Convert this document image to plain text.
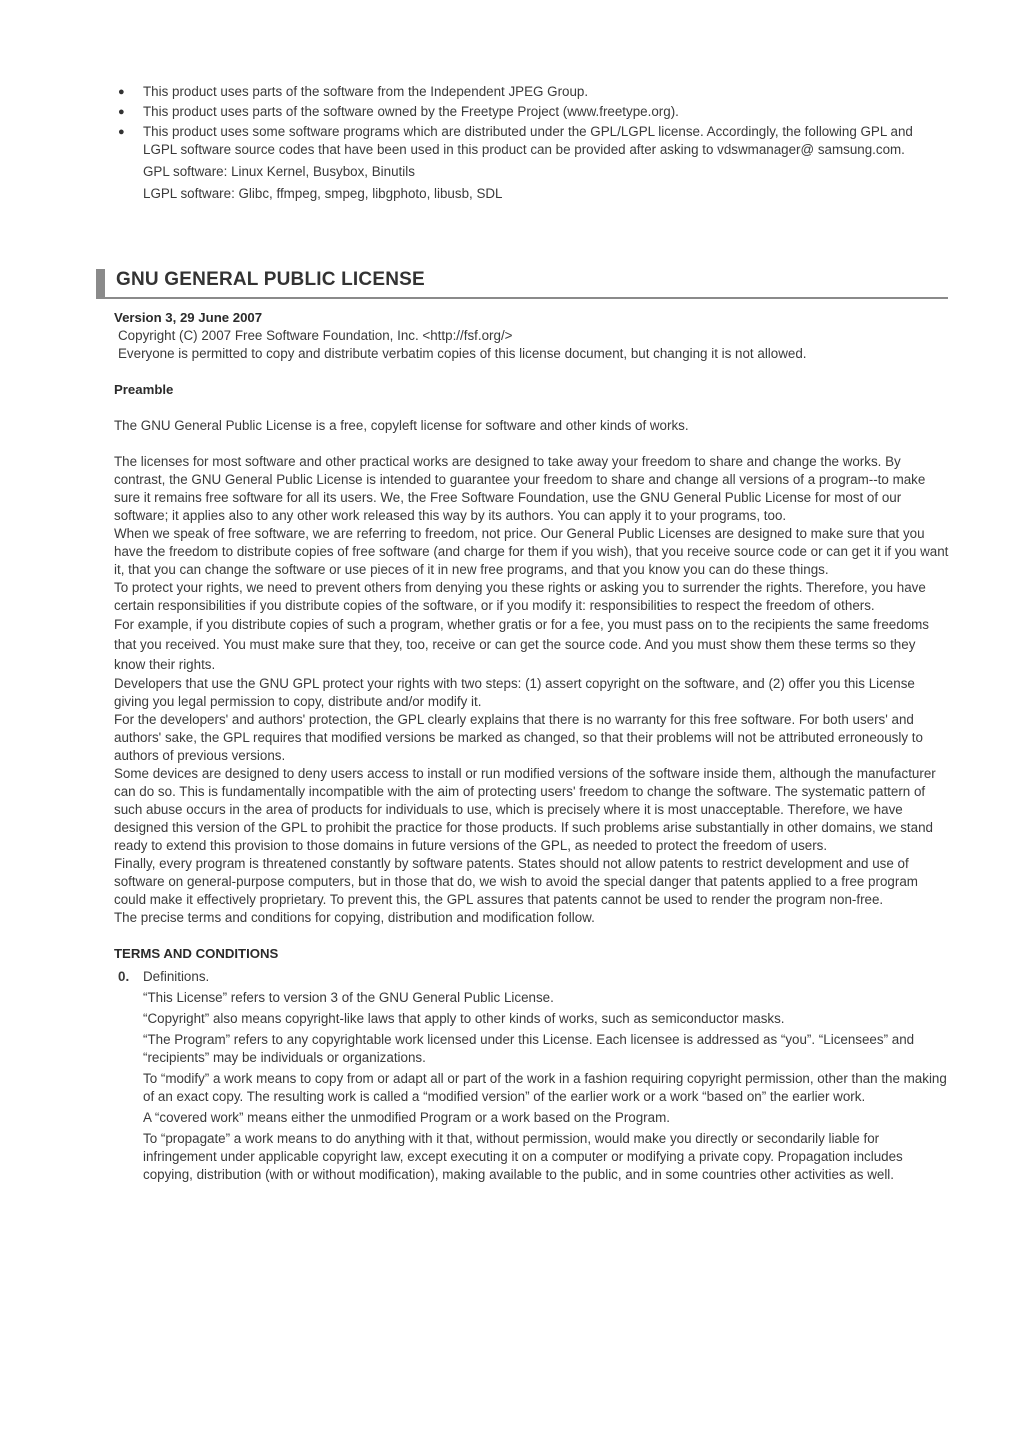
● This product uses parts of the software from the Independent JPEG Group.
● This product uses parts of the software owned by the Freetype Project (www.freetype.org).
● This product uses some software programs which are distributed under the GPL/LGPL license. Accordingly, the following GPL and LGPL software source codes that have been used in this product can be provided after asking to vdswmanager@ samsung.com.
GPL software: Linux Kernel, Busybox, Binutils
LGPL software: Glibc, ffmpeg, smpeg, libgphoto, libusb, SDL
GNU GENERAL PUBLIC LICENSE
Version 3, 29 June 2007

Copyright (C) 2007 Free Software Foundation, Inc. <http://fsf.org/>

Everyone is permitted to copy and distribute verbatim copies of this license document, but changing it is not allowed.

Preamble

The GNU General Public License is a free, copyleft license for software and other kinds of works.

The licenses for most software and other practical works are designed to take away your freedom to share and change the works. By contrast, the GNU General Public License is intended to guarantee your freedom to share and change all versions of a program--to make sure it remains free software for all its users. We, the Free Software Foundation, use the GNU General Public License for most of our software; it applies also to any other work released this way by its authors. You can apply it to your programs, too.

When we speak of free software, we are referring to freedom, not price. Our General Public Licenses are designed to make sure that you have the freedom to distribute copies of free software (and charge for them if you wish), that you receive source code or can get it if you want it, that you can change the software or use pieces of it in new free programs, and that you know you can do these things.

To protect your rights, we need to prevent others from denying you these rights or asking you to surrender the rights. Therefore, you have certain responsibilities if you distribute copies of the software, or if you modify it: responsibilities to respect the freedom of others.

For example, if you distribute copies of such a program, whether gratis or for a fee, you must pass on to the recipients the same freedoms that you received. You must make sure that they, too, receive or can get the source code. And you must show them these terms so they know their rights.

Developers that use the GNU GPL protect your rights with two steps: (1) assert copyright on the software, and (2) offer you this License giving you legal permission to copy, distribute and/or modify it.

For the developers' and authors' protection, the GPL clearly explains that there is no warranty for this free software. For both users' and authors' sake, the GPL requires that modified versions be marked as changed, so that their problems will not be attributed erroneously to authors of previous versions.

Some devices are designed to deny users access to install or run modified versions of the software inside them, although the manufacturer can do so. This is fundamentally incompatible with the aim of protecting users' freedom to change the software. The systematic pattern of such abuse occurs in the area of products for individuals to use, which is precisely where it is most unacceptable. Therefore, we have designed this version of the GPL to prohibit the practice for those products. If such problems arise substantially in other domains, we stand ready to extend this provision to those domains in future versions of the GPL, as needed to protect the freedom of users.

Finally, every program is threatened constantly by software patents. States should not allow patents to restrict development and use of software on general-purpose computers, but in those that do, we wish to avoid the special danger that patents applied to a free program could make it effectively proprietary. To prevent this, the GPL assures that patents cannot be used to render the program non-free.

The precise terms and conditions for copying, distribution and modification follow.

TERMS AND CONDITIONS
0. Definitions.

“This License” refers to version 3 of the GNU General Public License.

“Copyright” also means copyright-like laws that apply to other kinds of works, such as semiconductor masks.

“The Program” refers to any copyrightable work licensed under this License. Each licensee is addressed as “you”. “Licensees” and “recipients” may be individuals or organizations.

To “modify” a work means to copy from or adapt all or part of the work in a fashion requiring copyright permission, other than the making of an exact copy. The resulting work is called a “modified version” of the earlier work or a work “based on” the earlier work.

A “covered work” means either the unmodified Program or a work based on the Program.

To “propagate” a work means to do anything with it that, without permission, would make you directly or secondarily liable for infringement under applicable copyright law, except executing it on a computer or modifying a private copy. Propagation includes copying, distribution (with or without modification), making available to the public, and in some countries other activities as well.
